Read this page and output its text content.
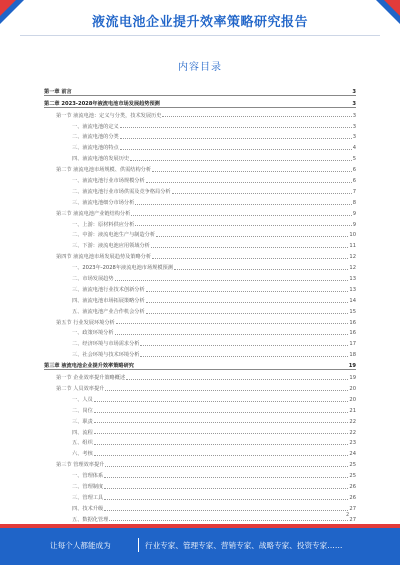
液流电池企业提升效率策略研究报告
内容目录
第一章 前言	3
第二章 2023-2028年液流电池市场发展趋势预测	3
第一节 液流电池：定义与分类，技术发展历史	3
一、液流电池的定义	3
二、液流电池的分类	3
三、液流电池的特点	4
四、液流电池的发展历史	5
第二节 液流电池市场规模、供需结构分析	6
一、液流电池行业市场规模分析	6
二、液流电池行业市场供需及竞争格局分析	7
三、液流电池细分市场分析	8
第三节 液流电池产业链结构分析	9
一、上游：原材料供应分析	9
二、中游：液流电池生产与制造分析	10
三、下游：液流电池应用领域分析	11
第四节 液流电池市场发展趋势及策略分析	12
一、2023年-2028年液流电池市场规模预测	12
二、市场发展趋势	13
三、液流电池行业技术创新分析	13
四、液流电池市场拓展策略分析	14
五、液流电池产业合作机会分析	15
第五节 行业发展环境分析	16
一、政策环境分析	16
二、经济环境与市场需求分析	17
三、社会环境与技术环境分析	18
第三章 液流电池企业提升效率策略研究	19
第一节 企业效率提升策略概述	19
第二节 人员效率提升	20
一、人员	20
二、岗位	21
三、职责	22
四、流程	22
五、组织	23
六、考核	24
第三节 管理效率提升	25
一、管理体系	25
二、管理制度	26
三、管理工具	26
四、技术升级	27
五、数据化管理	27
2
让每个人都能成为	行业专家、管理专家、营销专家、战略专家、投资专家……
